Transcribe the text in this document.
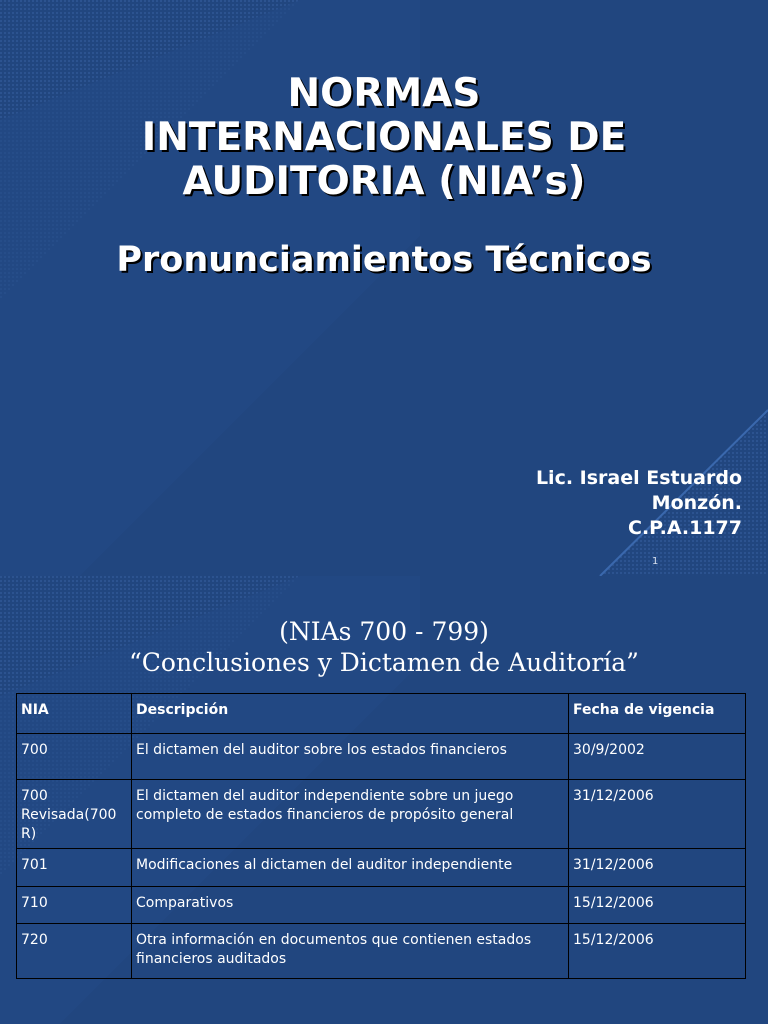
NORMAS
INTERNACIONALES DE
AUDITORIA (NIA’s)
Pronunciamientos Técnicos
Lic. Israel Estuardo
Monzón.
C.P.A.1177
1
(NIAs 700 - 799)
“Conclusiones y Dictamen de Auditoría”
NIA	Descripción	Fecha de vigencia
700	El dictamen del auditor sobre los estados financieros	30/9/2002
700 Revisada(700 R)	El dictamen del auditor independiente sobre un juego completo de estados financieros de propósito general	31/12/2006
701	Modificaciones al dictamen del auditor independiente	31/12/2006
710	Comparativos	15/12/2006
720	Otra información en documentos que contienen estados financieros auditados	15/12/2006
